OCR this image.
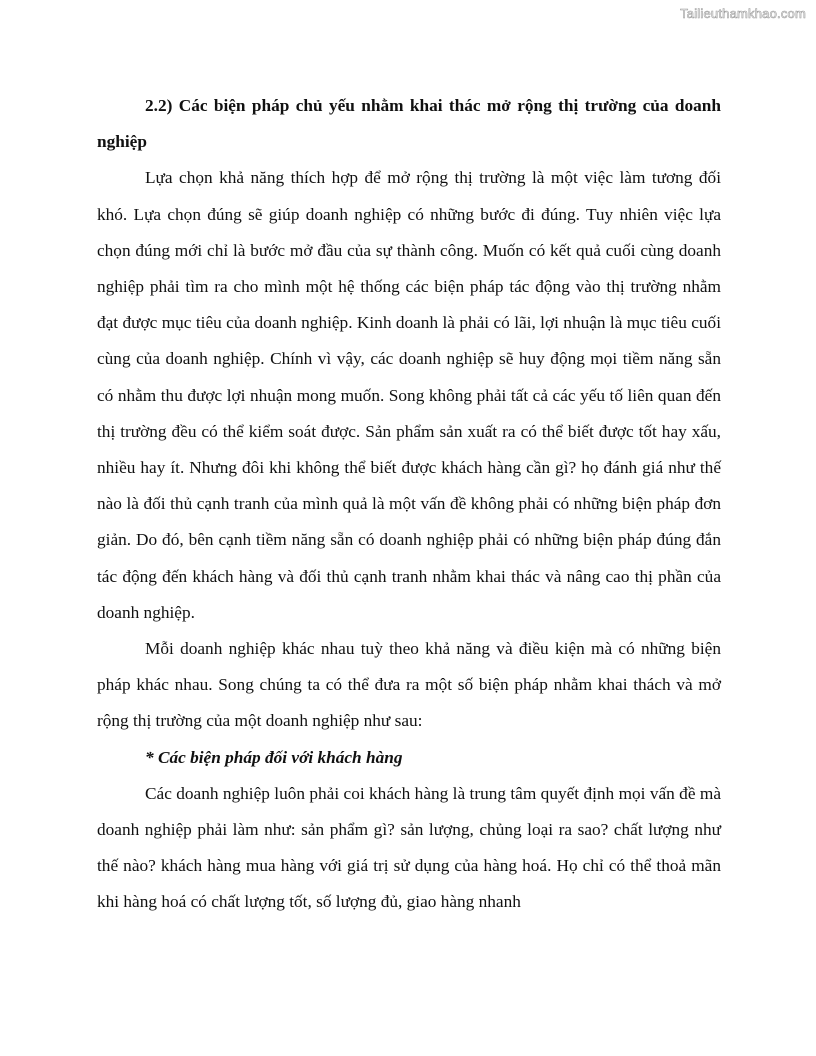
Tailieuthamkhao.com

2.2) Các biện pháp chủ yếu nhằm khai thác mở rộng thị trường của doanh nghiệp

Lựa chọn khả năng thích hợp để mở rộng thị trường là một việc làm tương đối khó. Lựa chọn đúng sẽ giúp doanh nghiệp có những bước đi đúng. Tuy nhiên việc lựa chọn đúng mới chỉ là bước mở đầu của sự thành công. Muốn có kết quả cuối cùng doanh nghiệp phải tìm ra cho mình một hệ thống các biện pháp tác động vào thị trường nhằm đạt được mục tiêu của doanh nghiệp. Kinh doanh là phải có lãi, lợi nhuận là mục tiêu cuối cùng của doanh nghiệp. Chính vì vậy, các doanh nghiệp sẽ huy động mọi tiềm năng sẵn có nhằm thu được lợi nhuận mong muốn. Song không phải tất cả các yếu tố liên quan đến thị trường đều có thể kiểm soát được. Sản phẩm sản xuất ra có thể biết được tốt hay xấu, nhiều hay ít. Nhưng đôi khi không thể biết được khách hàng cần gì? họ đánh giá như thế nào là đối thủ cạnh tranh của mình quả là một vấn đề không phải có những biện pháp đơn giản. Do đó, bên cạnh tiềm năng sẵn có doanh nghiệp phải có những biện pháp đúng đắn tác động đến khách hàng và đối thủ cạnh tranh nhằm khai thác và nâng cao thị phần của doanh nghiệp.

Mỗi doanh nghiệp khác nhau tuỳ theo khả năng và điều kiện mà có những biện pháp khác nhau. Song chúng ta có thể đưa ra một số biện pháp nhằm khai thách và mở rộng thị trường của một doanh nghiệp như sau:

* Các biện pháp đối với khách hàng

Các doanh nghiệp luôn phải coi khách hàng là trung tâm quyết định mọi vấn đề mà doanh nghiệp phải làm như: sản phẩm gì? sản lượng, chủng loại ra sao? chất lượng như thế nào? khách hàng mua hàng với giá trị sử dụng của hàng hoá. Họ chỉ có thể thoả mãn khi hàng hoá có chất lượng tốt, số lượng đủ, giao hàng nhanh
